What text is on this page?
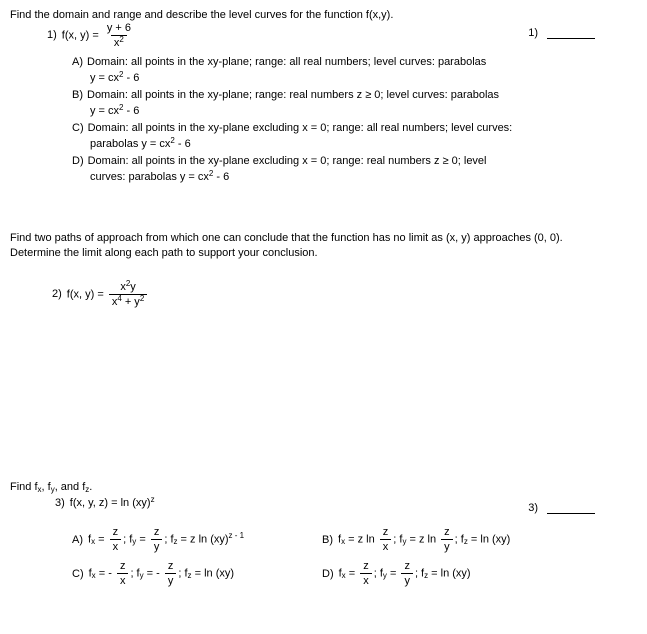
Find the domain and range and describe the level curves for the function f(x,y).

1) f(x, $y) = \frac{y + 6}{x^2}$	1)
A) Domain: all points in the xy-plane; range: all real numbers; level curves: parabolas
$y = cx^2 - 6$
B) Domain: all points in the xy-plane; range: real numbers z ≥ 0; level curves: parabolas
$y = cx^2 - 6$
C) Domain: all points in the xy-plane excluding x = 0; range: all real numbers; level curves:
parabolas $y = cx^2 - 6$
D) Domain: all points in the xy-plane excluding x = 0; range: real numbers z ≥ 0; level
curves: parabolas $y = cx^2 - 6$

Find two paths of approach from which one can conclude that the function has no limit as (x, y) approaches (0, 0).

Determine the limit along each path to support your conclusion.

2) f(x, $y) = \frac{x^2y}{x^4 + y^2}$

Find $f_x$, $f_y$, and $f_z$.

3) f(x, y, z) = ln (xy)$^z$
3)
A) $f_x = \frac{z}{x}$ ; $f_y = \frac{z}{y}$ ; $f_z = z$ ln (xy)$^{z - 1}$	B) $f_x = z$ $\ln \frac{z}{x}$ ; $f_y = z$ $\ln \frac{z}{y}$ ; $f_z = \ln (xy)$
C) $f_x$ = - $\frac{z}{x}$ ; $f_y$ = - $\frac{z}{y}$ ; $f_z = \ln (xy)$	D) $f_x = \frac{z}{x}$ ; $f_y = \frac{z}{y}$ ; $f_z = \ln (xy)$
